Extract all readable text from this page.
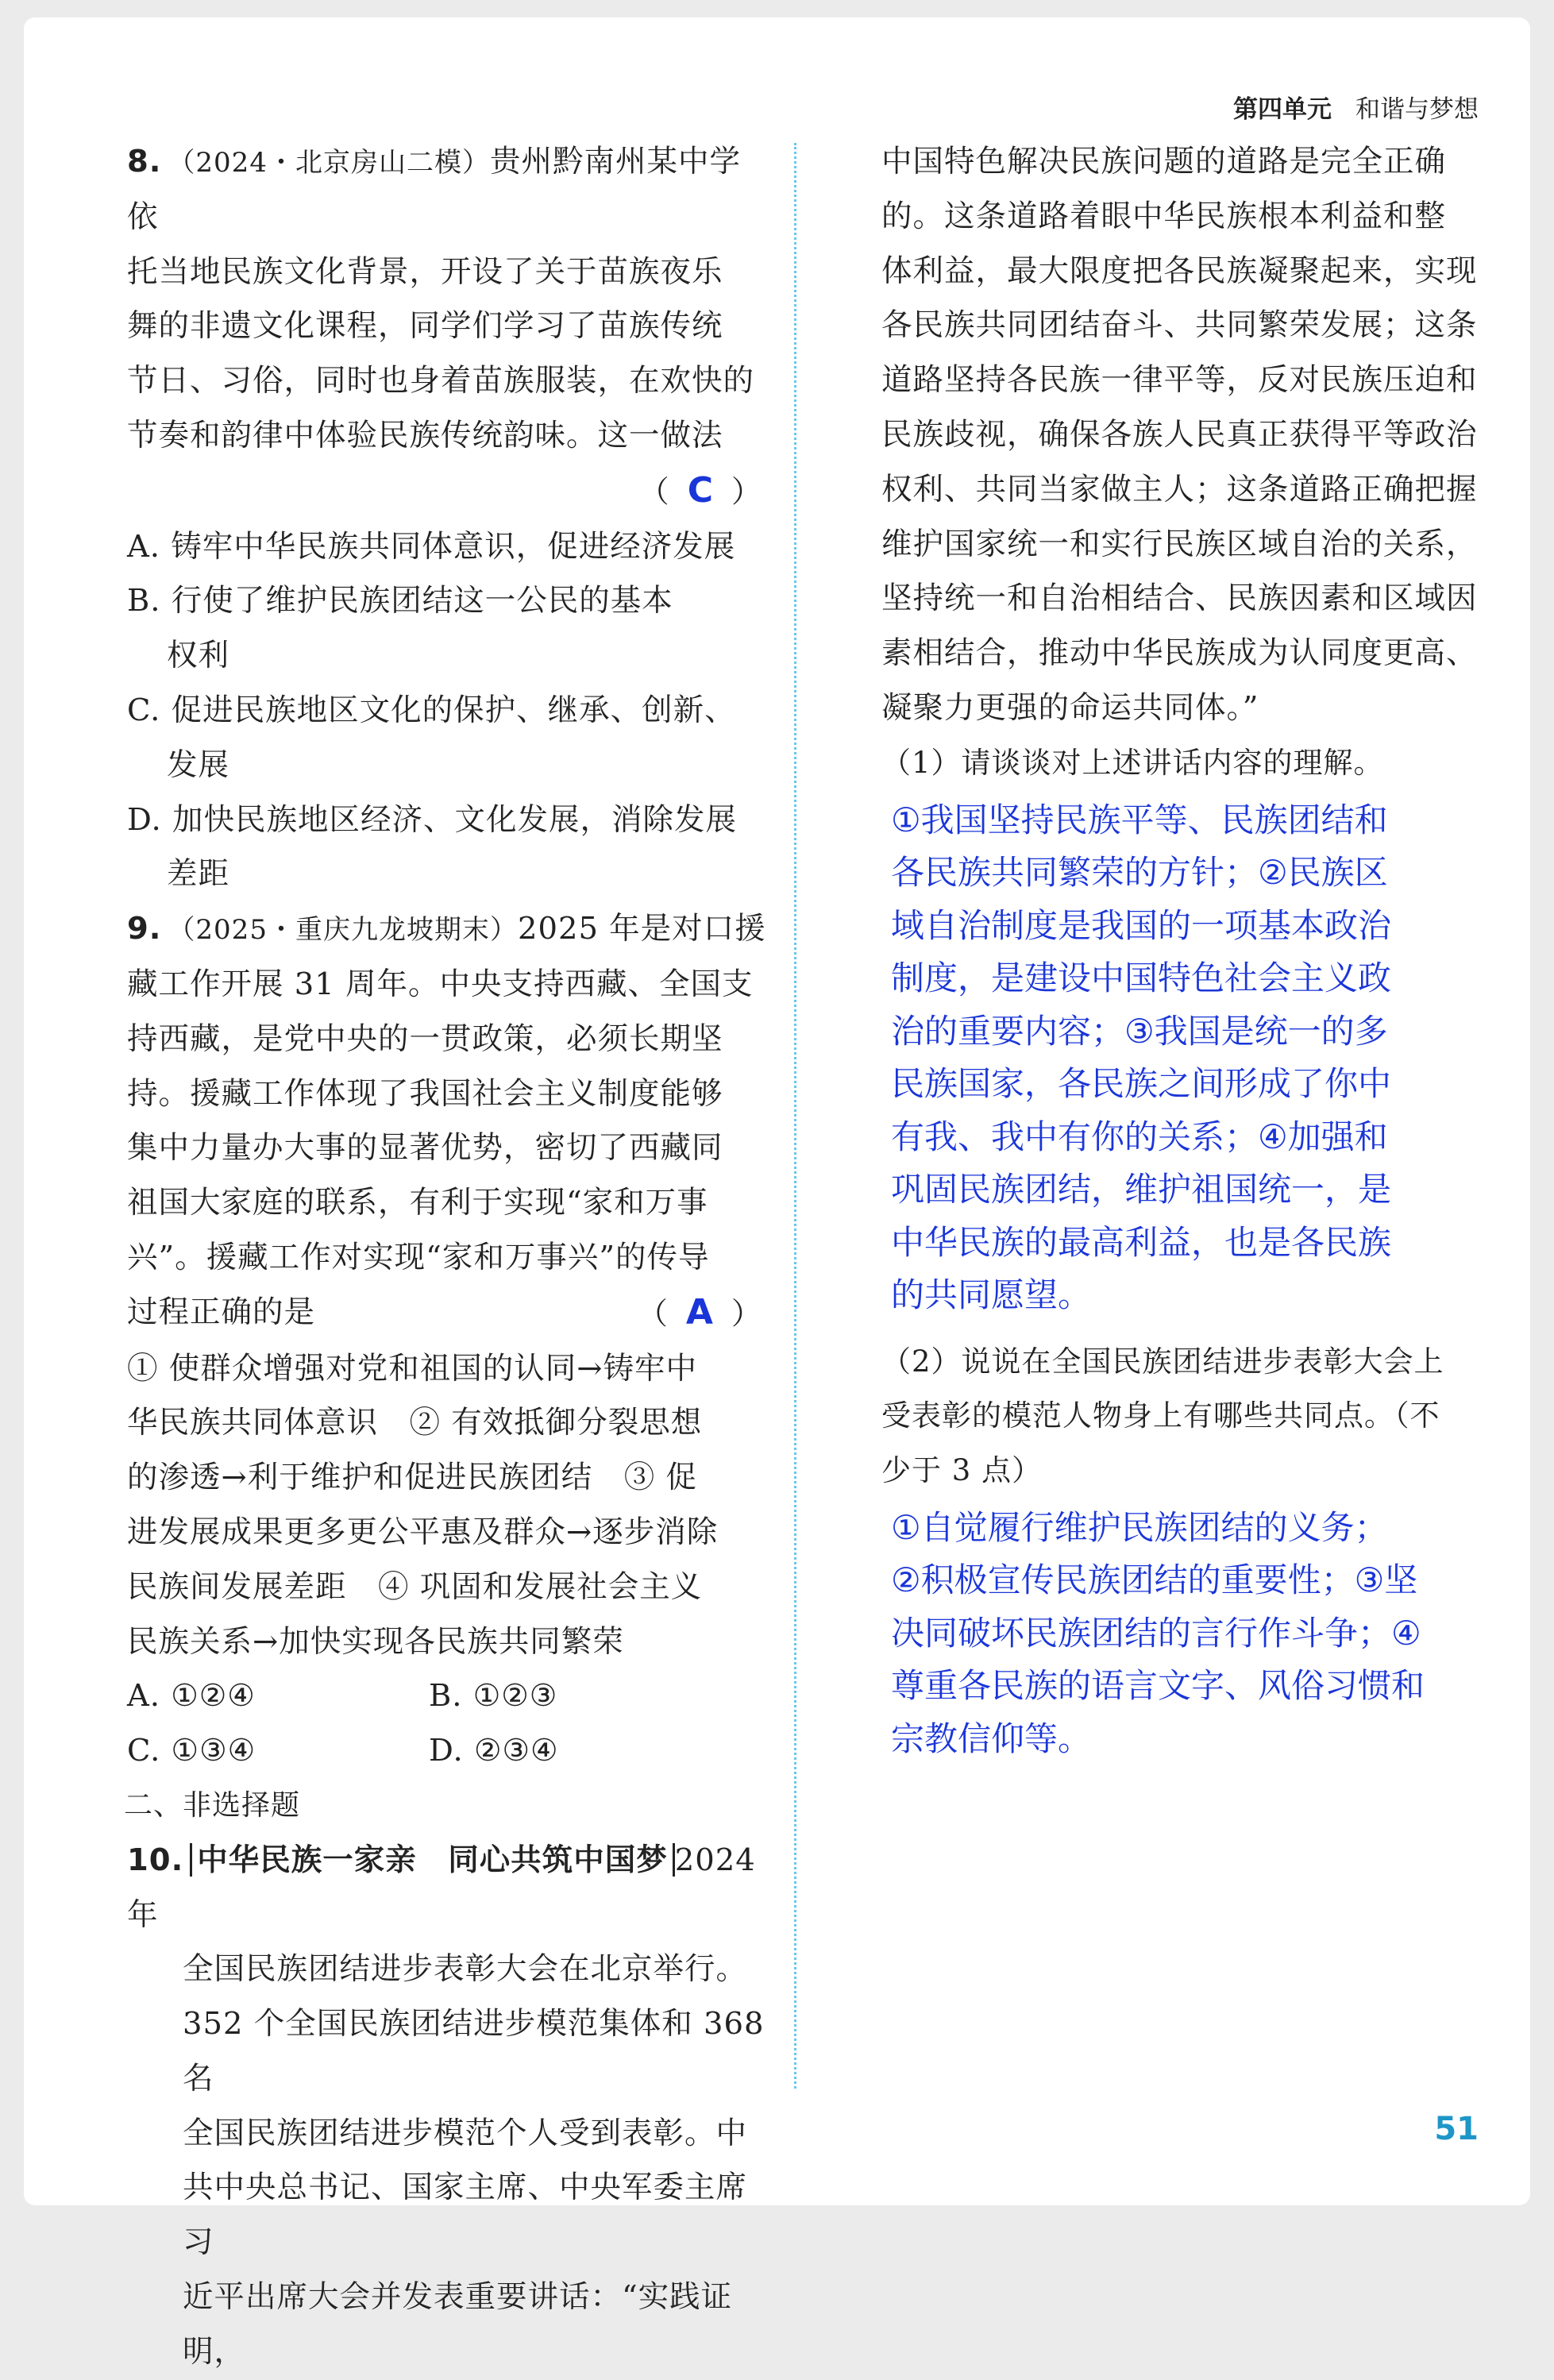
第四单元 和谐与梦想

8. （2024・北京房山二模）贵州黔南州某中学依

托当地民族文化背景，开设了关于苗族夜乐

舞的非遗文化课程，同学们学习了苗族传统

节日、习俗，同时也身着苗族服装，在欢快的

节奏和韵律中体验民族传统韵味。这一做法

（ C ）

A. 铸牢中华民族共同体意识，促进经济发展
B. 行使了维护民族团结这一公民的基本
权利
C. 促进民族地区文化的保护、继承、创新、
发展
D. 加快民族地区经济、文化发展，消除发展
差距

9. （2025・重庆九龙坡期末）2025 年是对口援

藏工作开展 31 周年。中央支持西藏、全国支

持西藏，是党中央的一贯政策，必须长期坚

持。援藏工作体现了我国社会主义制度能够

集中力量办大事的显著优势，密切了西藏同

祖国大家庭的联系，有利于实现“家和万事

兴”。援藏工作对实现“家和万事兴”的传导

过程正确的是	（ A ）

① 使群众增强对党和祖国的认同→铸牢中

华民族共同体意识　② 有效抵御分裂思想

的渗透→利于维护和促进民族团结　③ 促

进发展成果更多更公平惠及群众→逐步消除

民族间发展差距　④ 巩固和发展社会主义

民族关系→加快实现各民族共同繁荣

A. ①②④	B. ①②③
C. ①③④	D. ②③④

二、非选择题

10. 中华民族一家亲　同心共筑中国梦 2024 年

全国民族团结进步表彰大会在北京举行。

352 个全国民族团结进步模范集体和 368 名

全国民族团结进步模范个人受到表彰。中

共中央总书记、国家主席、中央军委主席习

近平出席大会并发表重要讲话：“实践证明，

中国特色解决民族问题的道路是完全正确

的。这条道路着眼中华民族根本利益和整

体利益，最大限度把各民族凝聚起来，实现

各民族共同团结奋斗、共同繁荣发展；这条

道路坚持各民族一律平等，反对民族压迫和

民族歧视，确保各族人民真正获得平等政治

权利、共同当家做主人；这条道路正确把握

维护国家统一和实行民族区域自治的关系，

坚持统一和自治相结合、民族因素和区域因

素相结合，推动中华民族成为认同度更高、

凝聚力更强的命运共同体。”

（1）请谈谈对上述讲话内容的理解。

①我国坚持民族平等、民族团结和
各民族共同繁荣的方针；②民族区
域自治制度是我国的一项基本政治
制度，是建设中国特色社会主义政
治的重要内容；③我国是统一的多
民族国家，各民族之间形成了你中
有我、我中有你的关系；④加强和
巩固民族团结，维护祖国统一，是
中华民族的最高利益，也是各民族
的共同愿望。

（2）说说在全国民族团结进步表彰大会上

受表彰的模范人物身上有哪些共同点。（不

少于 3 点）

①自觉履行维护民族团结的义务；
②积极宣传民族团结的重要性；③坚
决同破坏民族团结的言行作斗争；④
尊重各民族的语言文字、风俗习惯和
宗教信仰等。
51
